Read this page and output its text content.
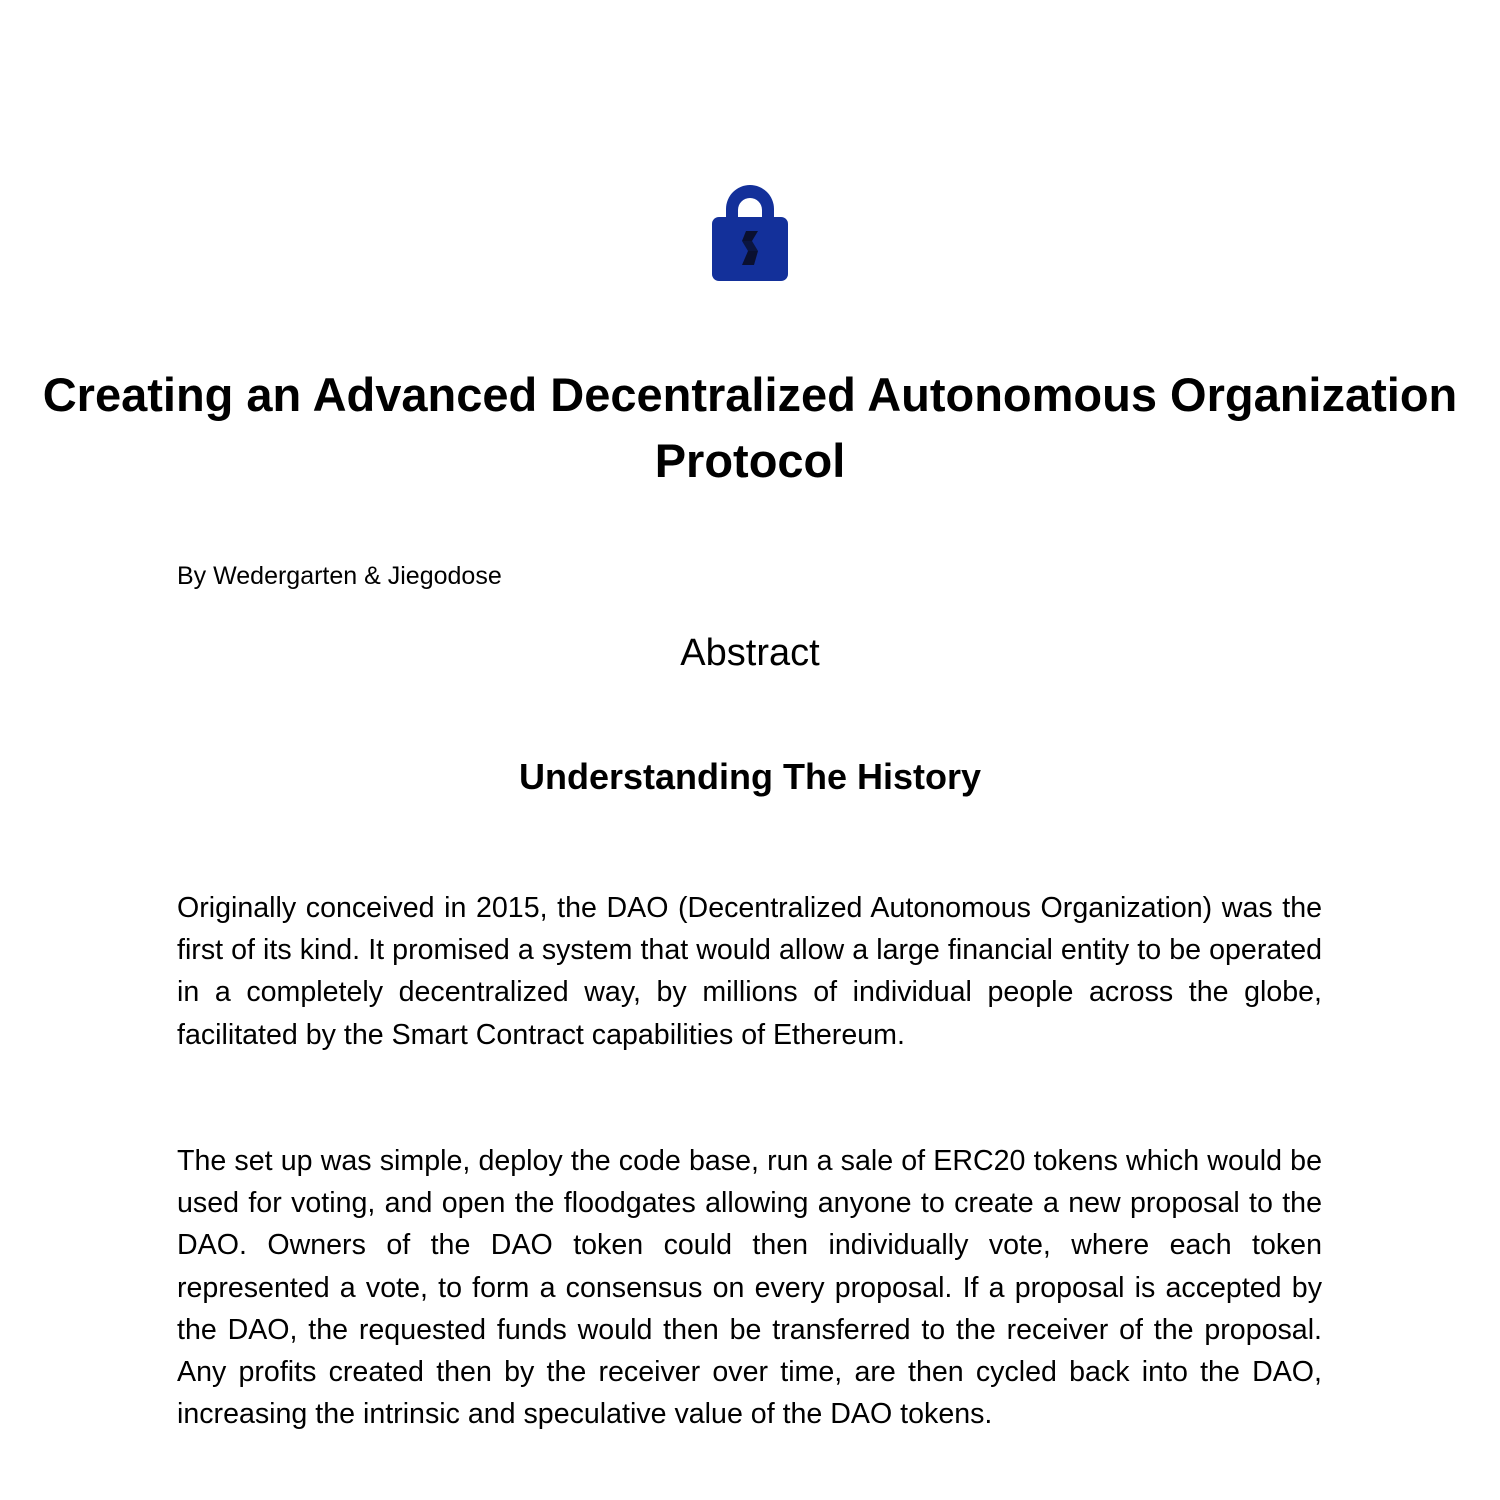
Creating an Advanced Decentralized Autonomous Organization Protocol

By Wedergarten & Jiegodose

Abstract
Understanding The History

Originally conceived in 2015, the DAO (Decentralized Autonomous Organization) was the first of its kind. It promised a system that would allow a large financial entity to be operated in a completely decentralized way, by millions of individual people across the globe, facilitated by the Smart Contract capabilities of Ethereum.

The set up was simple, deploy the code base, run a sale of ERC20 tokens which would be used for voting, and open the floodgates allowing anyone to create a new proposal to the DAO. Owners of the DAO token could then individually vote, where each token represented a vote, to form a consensus on every proposal. If a proposal is accepted by the DAO, the requested funds would then be transferred to the receiver of the proposal. Any profits created then by the receiver over time, are then cycled back into the DAO, increasing the intrinsic and speculative value of the DAO tokens.
